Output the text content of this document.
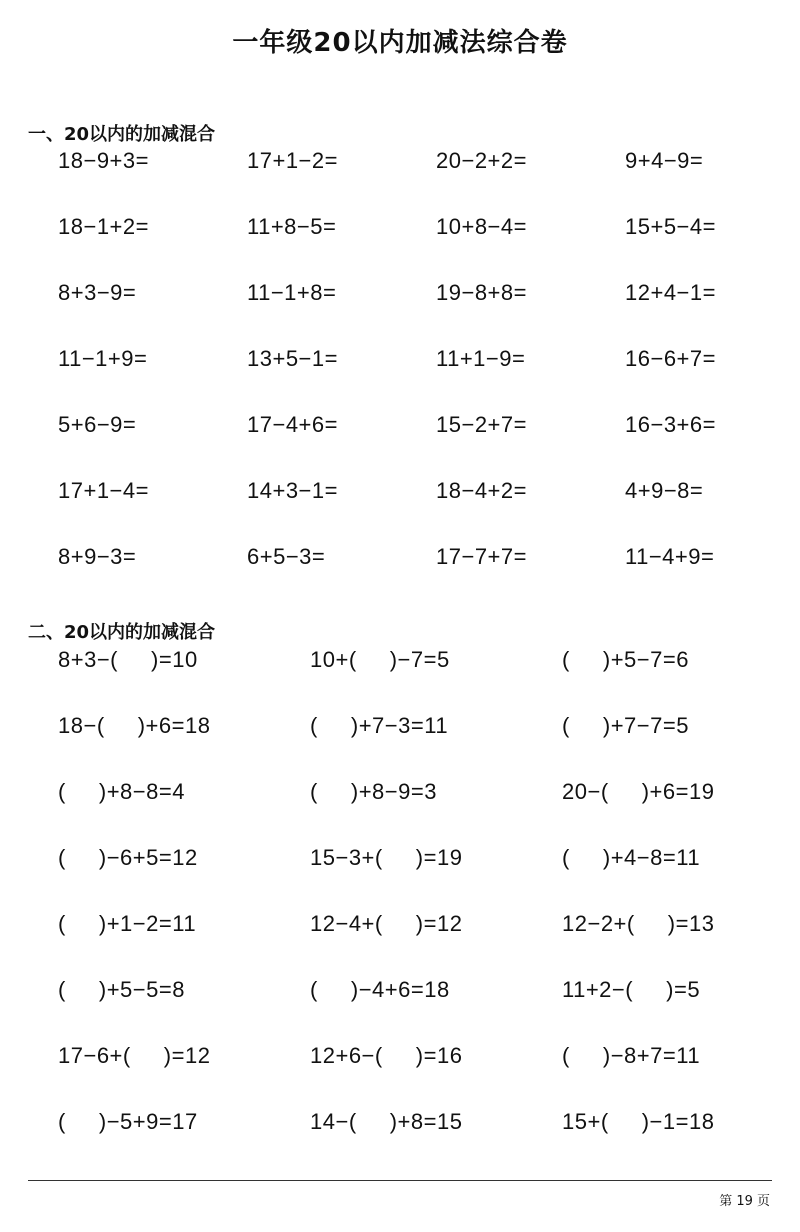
一年级20以内加减法综合卷
一、20以内的加减混合
18−9+3=	17+1−2=	20−2+2=	9+4−9=
18−1+2=	11+8−5=	10+8−4=	15+5−4=
8+3−9=	11−1+8=	19−8+8=	12+4−1=
11−1+9=	13+5−1=	11+1−9=	16−6+7=
5+6−9=	17−4+6=	15−2+7=	16−3+6=
17+1−4=	14+3−1=	18−4+2=	4+9−8=
8+9−3=	6+5−3=	17−7+7=	11−4+9=
二、20以内的加减混合
8+3−(     )=10	10+(     )−7=5	(     )+5−7=6
18−(     )+6=18	(     )+7−3=11	(     )+7−7=5
(     )+8−8=4	(     )+8−9=3	20−(     )+6=19
(     )−6+5=12	15−3+(     )=19	(     )+4−8=11
(     )+1−2=11	12−4+(     )=12	12−2+(     )=13
(     )+5−5=8	(     )−4+6=18	11+2−(     )=5
17−6+(     )=12	12+6−(     )=16	(     )−8+7=11
(     )−5+9=17	14−(     )+8=15	15+(     )−1=18
第 19 页
